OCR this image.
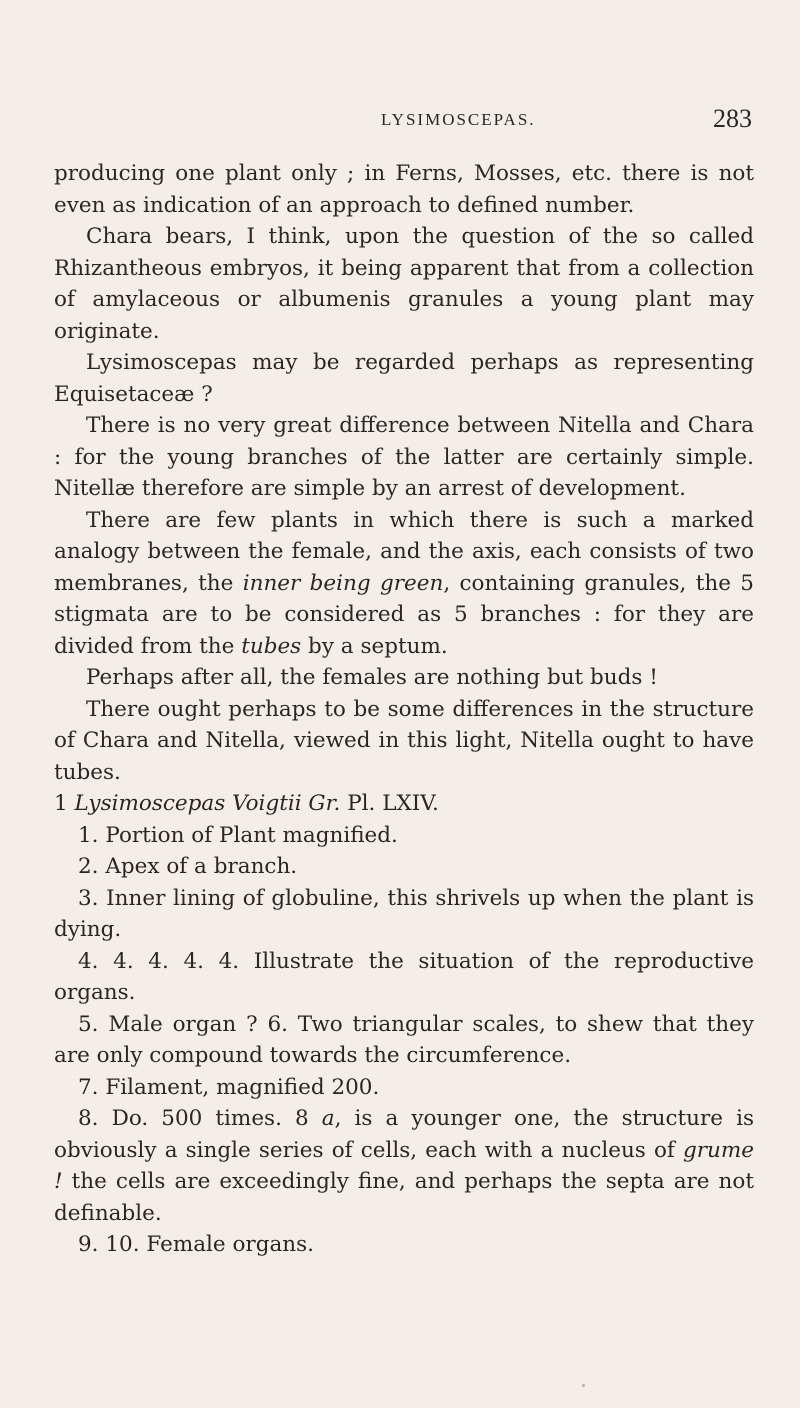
LYSIMOSCEPAS.	283

producing one plant only ; in Ferns, Mosses, etc. there is not even as indication of an approach to defined number.

Chara bears, I think, upon the question of the so called Rhizantheous embryos, it being apparent that from a collection of amylaceous or albumenis granules a young plant may originate.

Lysimoscepas may be regarded perhaps as representing Equisetaceæ ?

There is no very great difference between Nitella and Chara : for the young branches of the latter are certainly simple. Nitellæ therefore are simple by an arrest of development.

There are few plants in which there is such a marked analogy between the female, and the axis, each consists of two membranes, the inner being green, containing granules, the 5 stigmata are to be considered as 5 branches : for they are divided from the tubes by a septum.

Perhaps after all, the females are nothing but buds !

There ought perhaps to be some differences in the structure of Chara and Nitella, viewed in this light, Nitella ought to have tubes.

1 Lysimoscepas Voigtii Gr. Pl. LXIV.

1. Portion of Plant magnified.

2. Apex of a branch.

3. Inner lining of globuline, this shrivels up when the plant is dying.

4. 4. 4. 4. 4. Illustrate the situation of the reproductive organs.

5. Male organ ? 6. Two triangular scales, to shew that they are only compound towards the circumference.

7. Filament, magnified 200.

8. Do. 500 times. 8 a, is a younger one, the structure is obviously a single series of cells, each with a nucleus of grume ! the cells are exceedingly fine, and perhaps the septa are not definable.

9. 10. Female organs.
